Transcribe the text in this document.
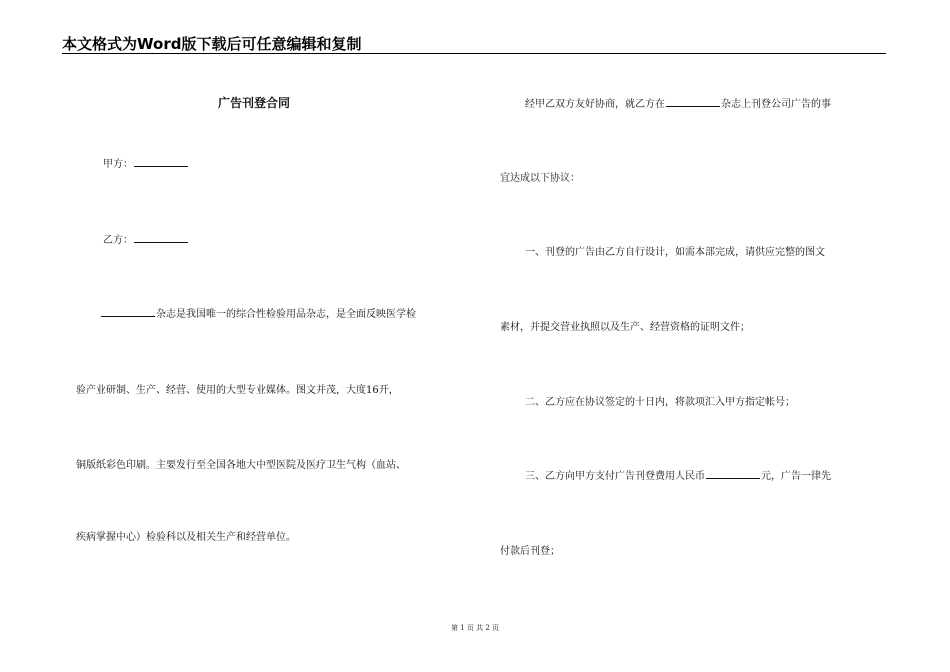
本文格式为Word版下载后可任意编辑和复制
广告刊登合同
甲方：
乙方：
杂志是我国唯一的综合性检验用品杂志，是全面反映医学检
验产业研制、生产、经营、使用的大型专业媒体。图文并茂，大度16开，
铜版纸彩色印刷。主要发行至全国各地大中型医院及医疗卫生气构（血站、
疾病掌握中心）检验科以及相关生产和经营单位。
经甲乙双方友好协商，就乙方在	杂志上刊登公司广告的事
宜达成以下协议：
一、刊登的广告由乙方自行设计，如需本部完成，请供应完整的图文
素材，并提交营业执照以及生产、经营资格的证明文件；
二、乙方应在协议签定的十日内，将款项汇入甲方指定帐号；
三、乙方向甲方支付广告刊登费用人民币	元，广告一律先
付款后刊登；
第 1 页 共 2 页
